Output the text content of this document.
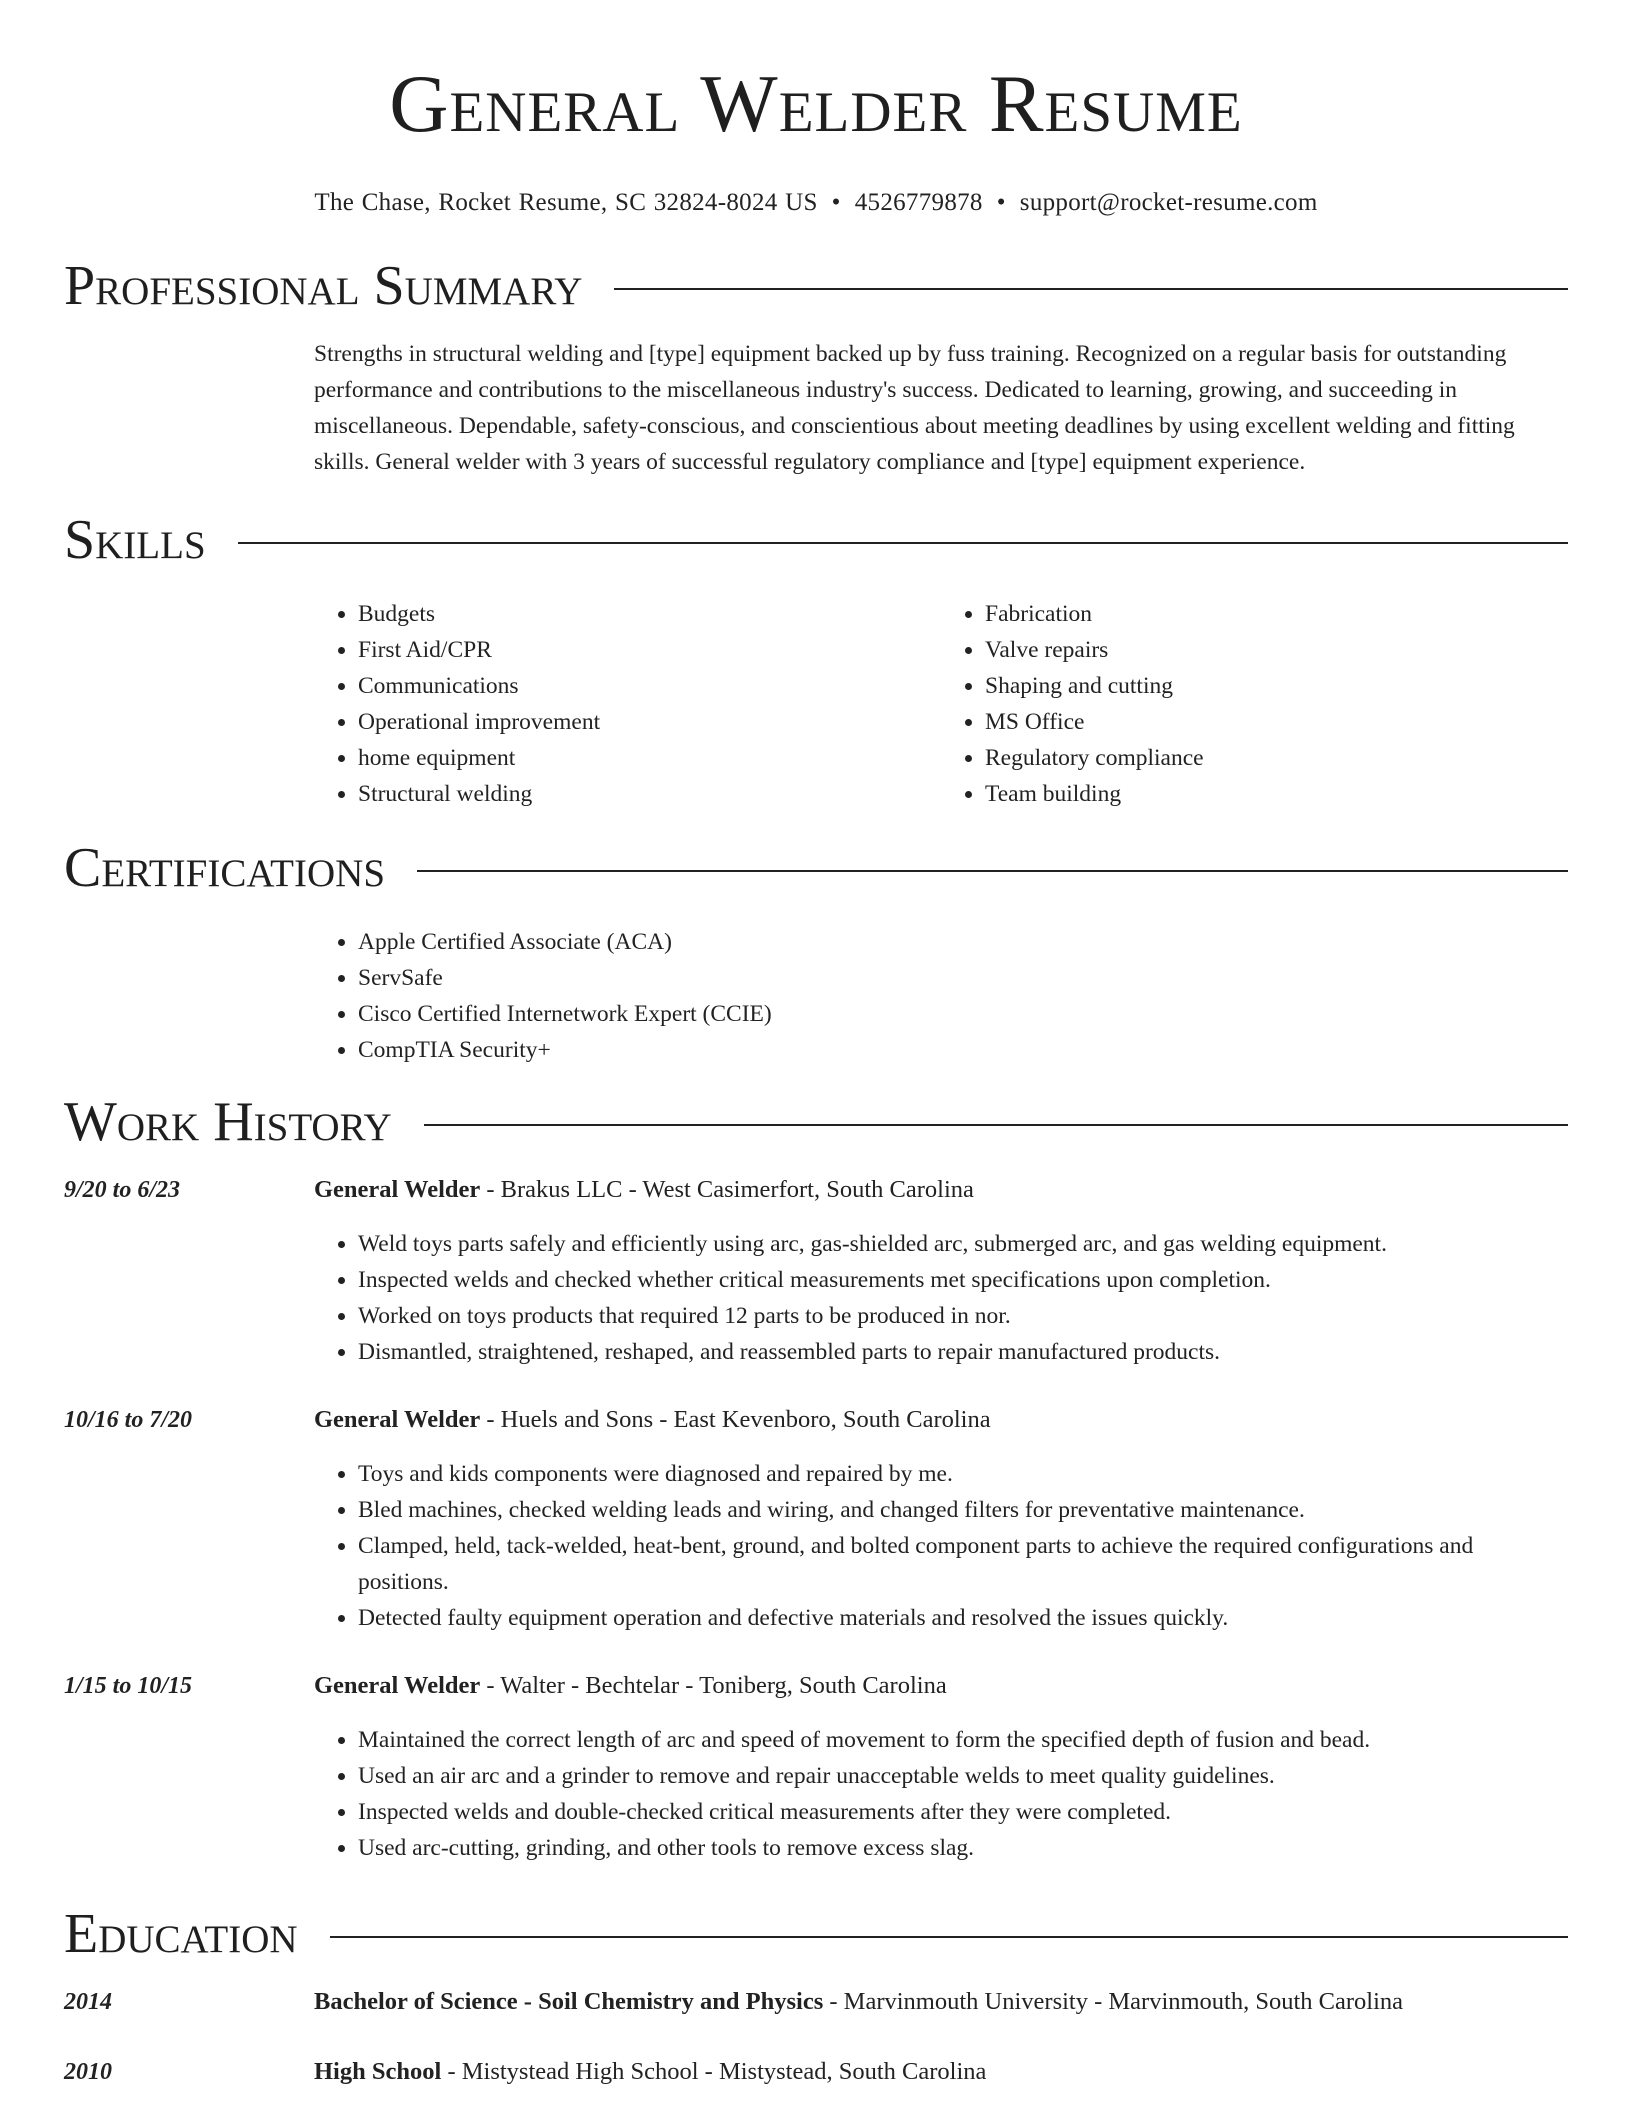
General Welder Resume
The Chase, Rocket Resume, SC 32824-8024 US • 4526779878 • support@rocket-resume.com
Professional Summary
Strengths in structural welding and [type] equipment backed up by fuss training. Recognized on a regular basis for outstanding performance and contributions to the miscellaneous industry's success. Dedicated to learning, growing, and succeeding in miscellaneous. Dependable, safety-conscious, and conscientious about meeting deadlines by using excellent welding and fitting skills. General welder with 3 years of successful regulatory compliance and [type] equipment experience.
Skills
• Budgets
• First Aid/CPR
• Communications
• Operational improvement
• home equipment
• Structural welding
• Fabrication
• Valve repairs
• Shaping and cutting
• MS Office
• Regulatory compliance
• Team building
Certifications
• Apple Certified Associate (ACA)
• ServSafe
• Cisco Certified Internetwork Expert (CCIE)
• CompTIA Security+
Work History
9/20 to 6/23	General Welder - Brakus LLC - West Casimerfort, South Carolina
• Weld toys parts safely and efficiently using arc, gas-shielded arc, submerged arc, and gas welding equipment.
• Inspected welds and checked whether critical measurements met specifications upon completion.
• Worked on toys products that required 12 parts to be produced in nor.
• Dismantled, straightened, reshaped, and reassembled parts to repair manufactured products.
10/16 to 7/20	General Welder - Huels and Sons - East Kevenboro, South Carolina
• Toys and kids components were diagnosed and repaired by me.
• Bled machines, checked welding leads and wiring, and changed filters for preventative maintenance.
• Clamped, held, tack-welded, heat-bent, ground, and bolted component parts to achieve the required configurations and positions.
• Detected faulty equipment operation and defective materials and resolved the issues quickly.
1/15 to 10/15	General Welder - Walter - Bechtelar - Toniberg, South Carolina
• Maintained the correct length of arc and speed of movement to form the specified depth of fusion and bead.
• Used an air arc and a grinder to remove and repair unacceptable welds to meet quality guidelines.
• Inspected welds and double-checked critical measurements after they were completed.
• Used arc-cutting, grinding, and other tools to remove excess slag.
Education
2014	Bachelor of Science - Soil Chemistry and Physics - Marvinmouth University - Marvinmouth, South Carolina
2010	High School - Mistystead High School - Mistystead, South Carolina
